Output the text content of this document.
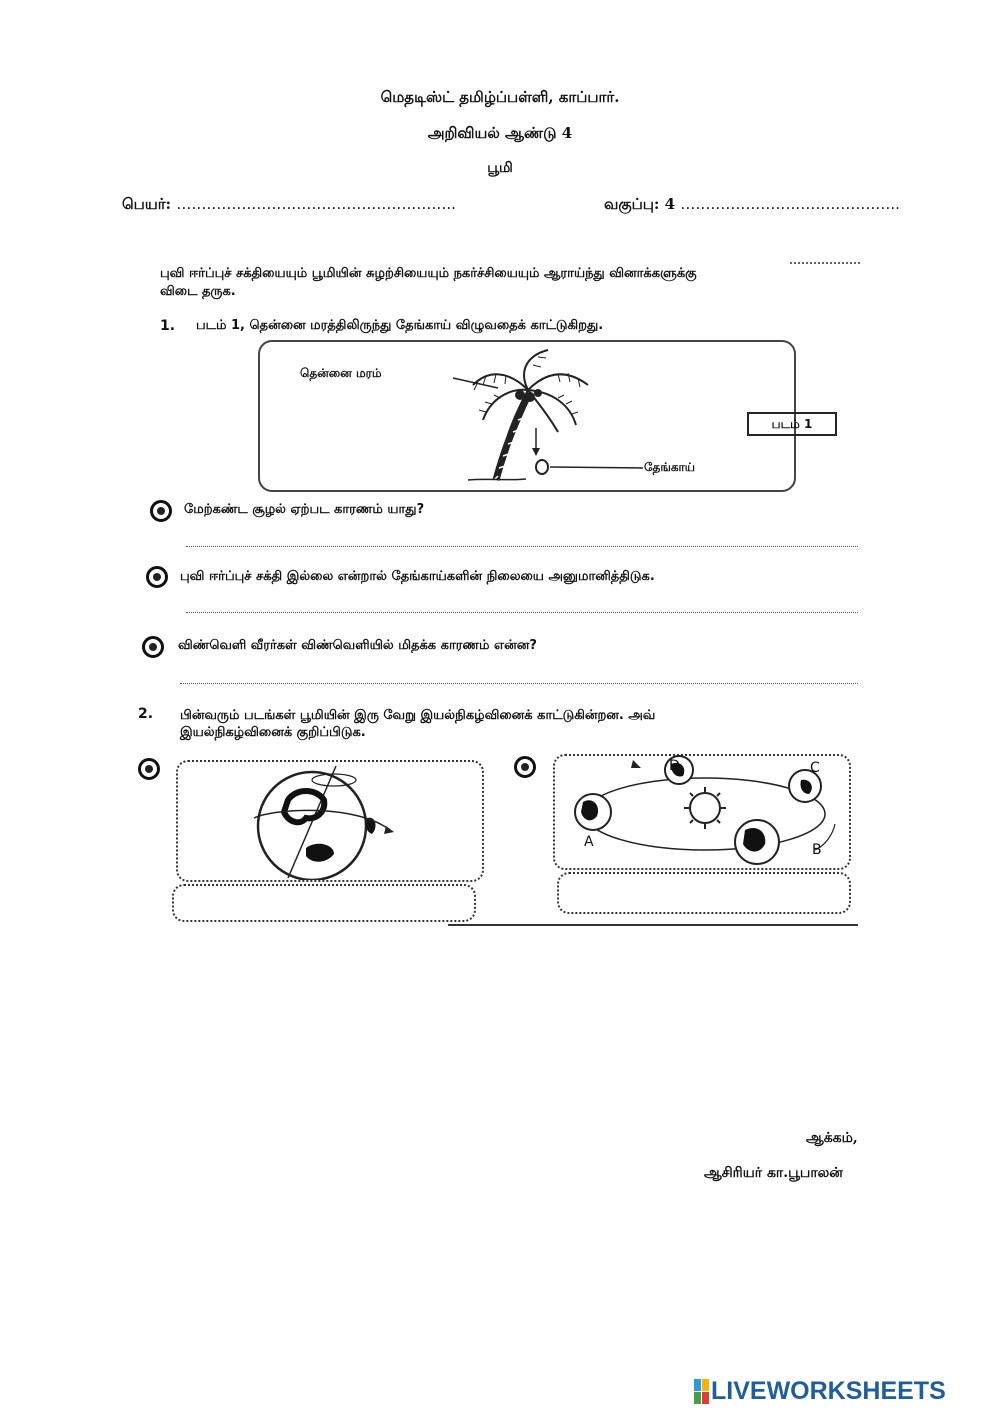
மெதடிஸ்ட் தமிழ்ப்பள்ளி, காப்பார்.
அறிவியல் ஆண்டு 4
பூமி
பெயர்: ………………………………………………..	வகுப்பு: 4 ……………………………………..
புவி ஈர்ப்புச் சக்தியையும் பூமியின் சுழற்சியையும் நகர்ச்சியையும் ஆராய்ந்து வினாக்களுக்கு
விடை தருக.
1. படம் 1, தென்னை மரத்திலிருந்து தேங்காய் விழுவதைக் காட்டுகிறது.
தென்னை மரம்
தேங்காய்
படம் 1
மேற்கண்ட சூழல் ஏற்பட காரணம் யாது?
புவி ஈர்ப்புச் சக்தி இல்லை என்றால் தேங்காய்களின் நிலையை அனுமானித்திடுக.
விண்வெளி வீரர்கள் விண்வெளியில் மிதக்க காரணம் என்ன?
2. பின்வரும் படங்கள் பூமியின் இரு வேறு இயல்நிகழ்வினைக் காட்டுகின்றன. அவ்
இயல்நிகழ்வினைக் குறிப்பிடுக.
A	B
C
D
ஆக்கம்,
ஆசிரியர் கா.பூபாலன்
LIVEWORKSHEETS
